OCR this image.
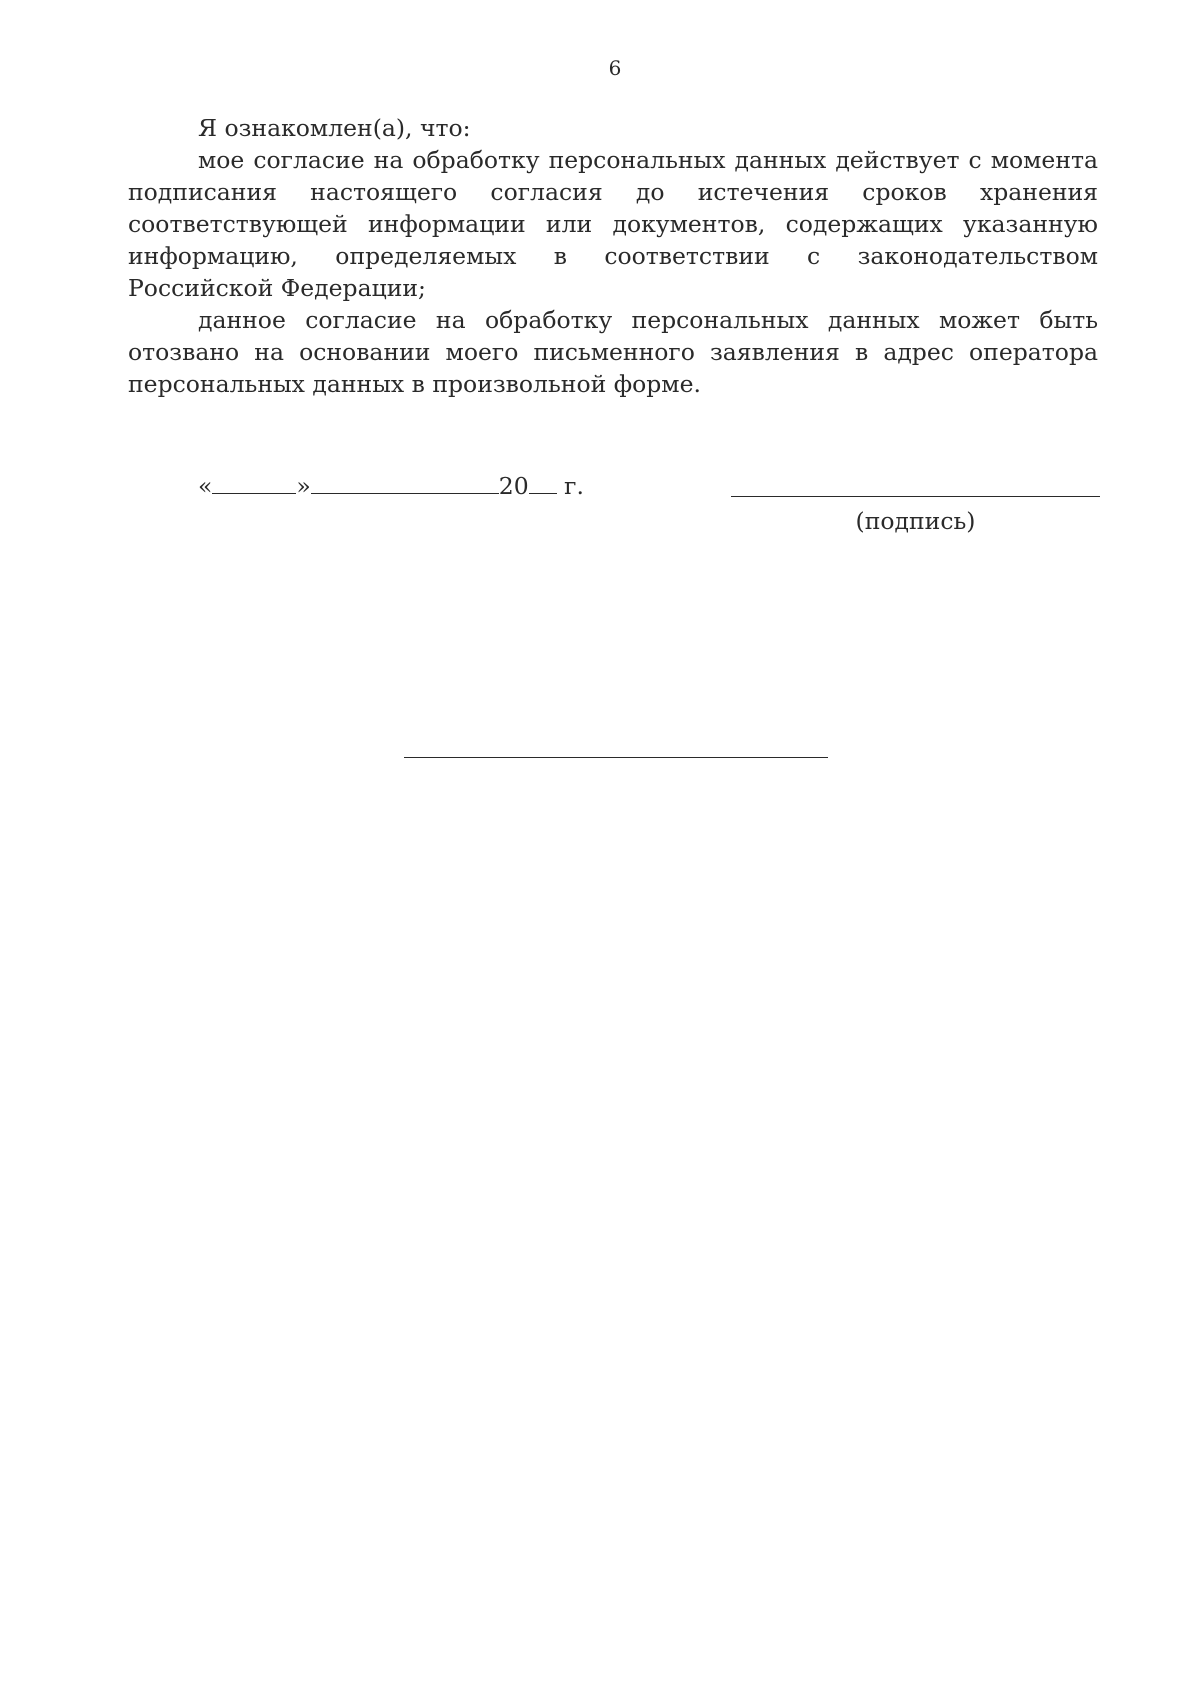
6

Я ознакомлен(а), что:

мое согласие на обработку персональных данных действует с момента подписания настоящего согласия до истечения сроков хранения соответствующей информации или документов, содержащих указанную информацию, определяемых в соответствии с законодательством Российской Федерации;

данное согласие на обработку персональных данных может быть отозвано на основании моего письменного заявления в адрес оператора персональных данных в произвольной форме.

«	»	20 г.
(подпись)
